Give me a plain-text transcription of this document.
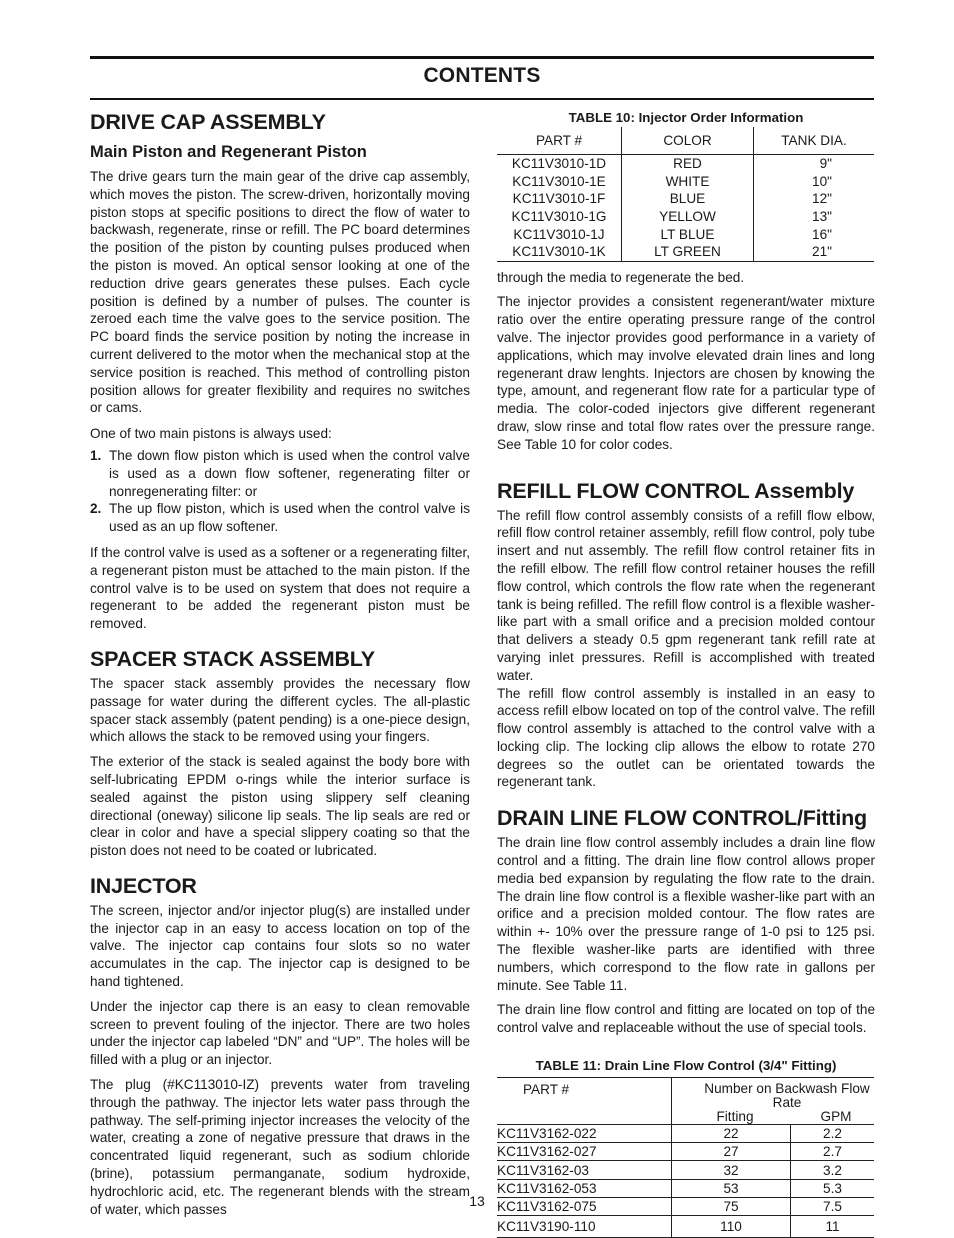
CONTENTS
DRIVE CAP ASSEMBLY
Main Piston and Regenerant Piston

The drive gears turn the main gear of the drive cap assembly, which moves the piston. The screw-driven, horizontally moving piston stops at specific positions to direct the flow of water to backwash, regenerate, rinse or refill. The PC board determines the position of the piston by counting pulses produced when the piston is moved. An optical sensor looking at one of the reduction drive gears generates these pulses. Each cycle position is defined by a number of pulses. The counter is zeroed each time the valve goes to the service position. The PC board finds the service position by noting the increase in current delivered to the motor when the mechanical stop at the service position is reached. This method of controlling piston position allows for greater flexibility and requires no switches or cams.

One of two main pistons is always used:

1. The down flow piston which is used when the control valve is used as a down flow softener, regenerating filter or nonregenerating filter: or
2. The up flow piston, which is used when the control valve is used as an up flow softener.

If the control valve is used as a softener or a regenerating filter, a regenerant piston must be attached to the main piston. If the control valve is to be used on system that does not require a regenerant to be added the regenerant piston must be removed.

SPACER STACK ASSEMBLY

The spacer stack assembly provides the necessary flow passage for water during the different cycles. The all-plastic spacer stack assembly (patent pending) is a one-piece design, which allows the stack to be removed using your fingers.

The exterior of the stack is sealed against the body bore with self-lubricating EPDM o-rings while the interior surface is sealed against the piston using slippery self cleaning directional (oneway) silicone lip seals. The lip seals are red or clear in color and have a special slippery coating so that the piston does not need to be coated or lubricated.

INJECTOR

The screen, injector and/or injector plug(s) are installed under the injector cap in an easy to access location on top of the valve. The injector cap contains four slots so no water accumulates in the cap. The injector cap is designed to be hand tightened.

Under the injector cap there is an easy to clean removable screen to prevent fouling of the injector. There are two holes under the injector cap labeled “DN” and “UP”. The holes will be filled with a plug or an injector.

The plug (#KC113010-IZ) prevents water from traveling through the pathway. The injector lets water pass through the pathway. The self-priming injector increases the velocity of the water, creating a zone of negative pressure that draws in the concentrated liquid regenerant, such as sodium chloride (brine), potassium permanganate, sodium hydroxide, hydrochloric acid, etc. The regenerant blends with the stream of water, which passes

TABLE 10: Injector Order Information
PART #	COLOR	TANK DIA.
KC11V3010-1D	RED	9"
KC11V3010-1E	WHITE	10"
KC11V3010-1F	BLUE	12"
KC11V3010-1G	YELLOW	13"
KC11V3010-1J	LT BLUE	16"
KC11V3010-1K	LT GREEN	21"

through the media to regenerate the bed.

The injector provides a consistent regenerant/water mixture ratio over the entire operating pressure range of the control valve. The injector provides good performance in a variety of applications, which may involve elevated drain lines and long regenerant draw lenghts. Injectors are chosen by knowing the type, amount, and regenerant flow rate for a particular type of media. The color-coded injectors give different regenerant draw, slow rinse and total flow rates over the pressure range. See Table 10 for color codes.

REFILL FLOW CONTROL Assembly

The refill flow control assembly consists of a refill flow elbow, refill flow control retainer assembly, refill flow control, poly tube insert and nut assembly. The refill flow control retainer fits in the refill elbow. The refill flow control retainer houses the refill flow control, which controls the flow rate when the regenerant tank is being refilled. The refill flow control is a flexible washer-like part with a small orifice and a precision molded contour that delivers a steady 0.5 gpm regenerant tank refill rate at varying inlet pressures. Refill is accomplished with treated water.

The refill flow control assembly is installed in an easy to access refill elbow located on top of the control valve. The refill flow control assembly is attached to the control valve with a locking clip. The locking clip allows the elbow to rotate 270 degrees so the outlet can be orientated towards the regenerant tank.

DRAIN LINE FLOW CONTROL/Fitting

The drain line flow control assembly includes a drain line flow control and a fitting. The drain line flow control allows proper media bed expansion by regulating the flow rate to the drain. The drain line flow control is a flexible washer-like part with an orifice and a precision molded contour. The flow rates are within +- 10% over the pressure range of 1-0 psi to 125 psi. The flexible washer-like parts are identified with three numbers, which correspond to the flow rate in gallons per minute. See Table 11.

The drain line flow control and fitting are located on top of the control valve and replaceable without the use of special tools.

TABLE 11: Drain Line Flow Control (3/4" Fitting)
PART #	Number on Backwash Flow Rate
Fitting GPM	

KC11V3162-022	22	2.2
KC11V3162-027	27	2.7
KC11V3162-03	32	3.2
KC11V3162-053	53	5.3
KC11V3162-075	75	7.5
KC11V3190-110	110	11
13
